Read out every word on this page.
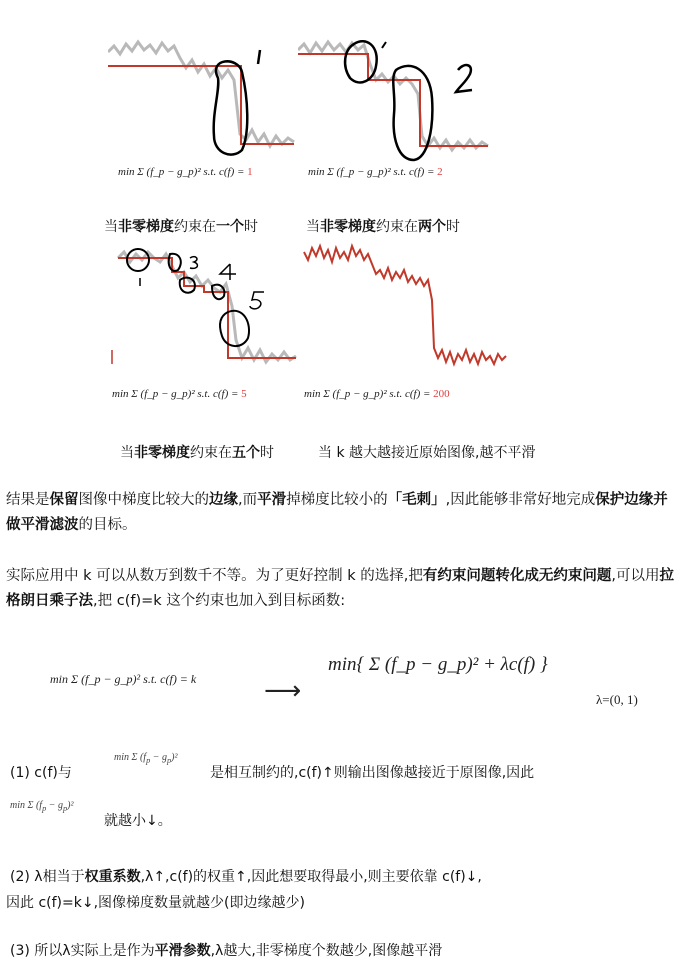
min Σ (f_p − g_p)² s.t. c(f) = 1	min Σ (f_p − g_p)² s.t. c(f) = 2
当非零梯度约束在一个时	当非零梯度约束在两个时
min Σ (f_p − g_p)² s.t. c(f) = 5	min Σ (f_p − g_p)² s.t. c(f) = 200
当非零梯度约束在五个时	当 k 越大越接近原始图像,越不平滑
结果是保留图像中梯度比较大的边缘,而平滑掉梯度比较小的「毛刺」,因此能够非常好地完成保护边缘并做平滑滤波的目标。
实际应用中 k 可以从数万到数千不等。为了更好控制 k 的选择,把有约束问题转化成无约束问题,可以用拉格朗日乘子法,把 c(f)=k 这个约束也加入到目标函数:
min Σ (f_p − g_p)² s.t. c(f) = k	⟶
min{ Σ (f_p − g_p)² + λc(f) }
λ=(0, 1)
(1) c(f)与
min Σ $(f_p - g_p)^2$
是相互制约的,c(f)↑则输出图像越接近于原图像,因此
min Σ $(f_p - g_p)^2$
就越小↓。
(2) λ相当于权重系数,λ↑,c(f)的权重↑,因此想要取得最小,则主要依靠 c(f)↓,
因此 c(f)=k↓,图像梯度数量就越少(即边缘越少)
(3) 所以λ实际上是作为平滑参数,λ越大,非零梯度个数越少,图像越平滑
